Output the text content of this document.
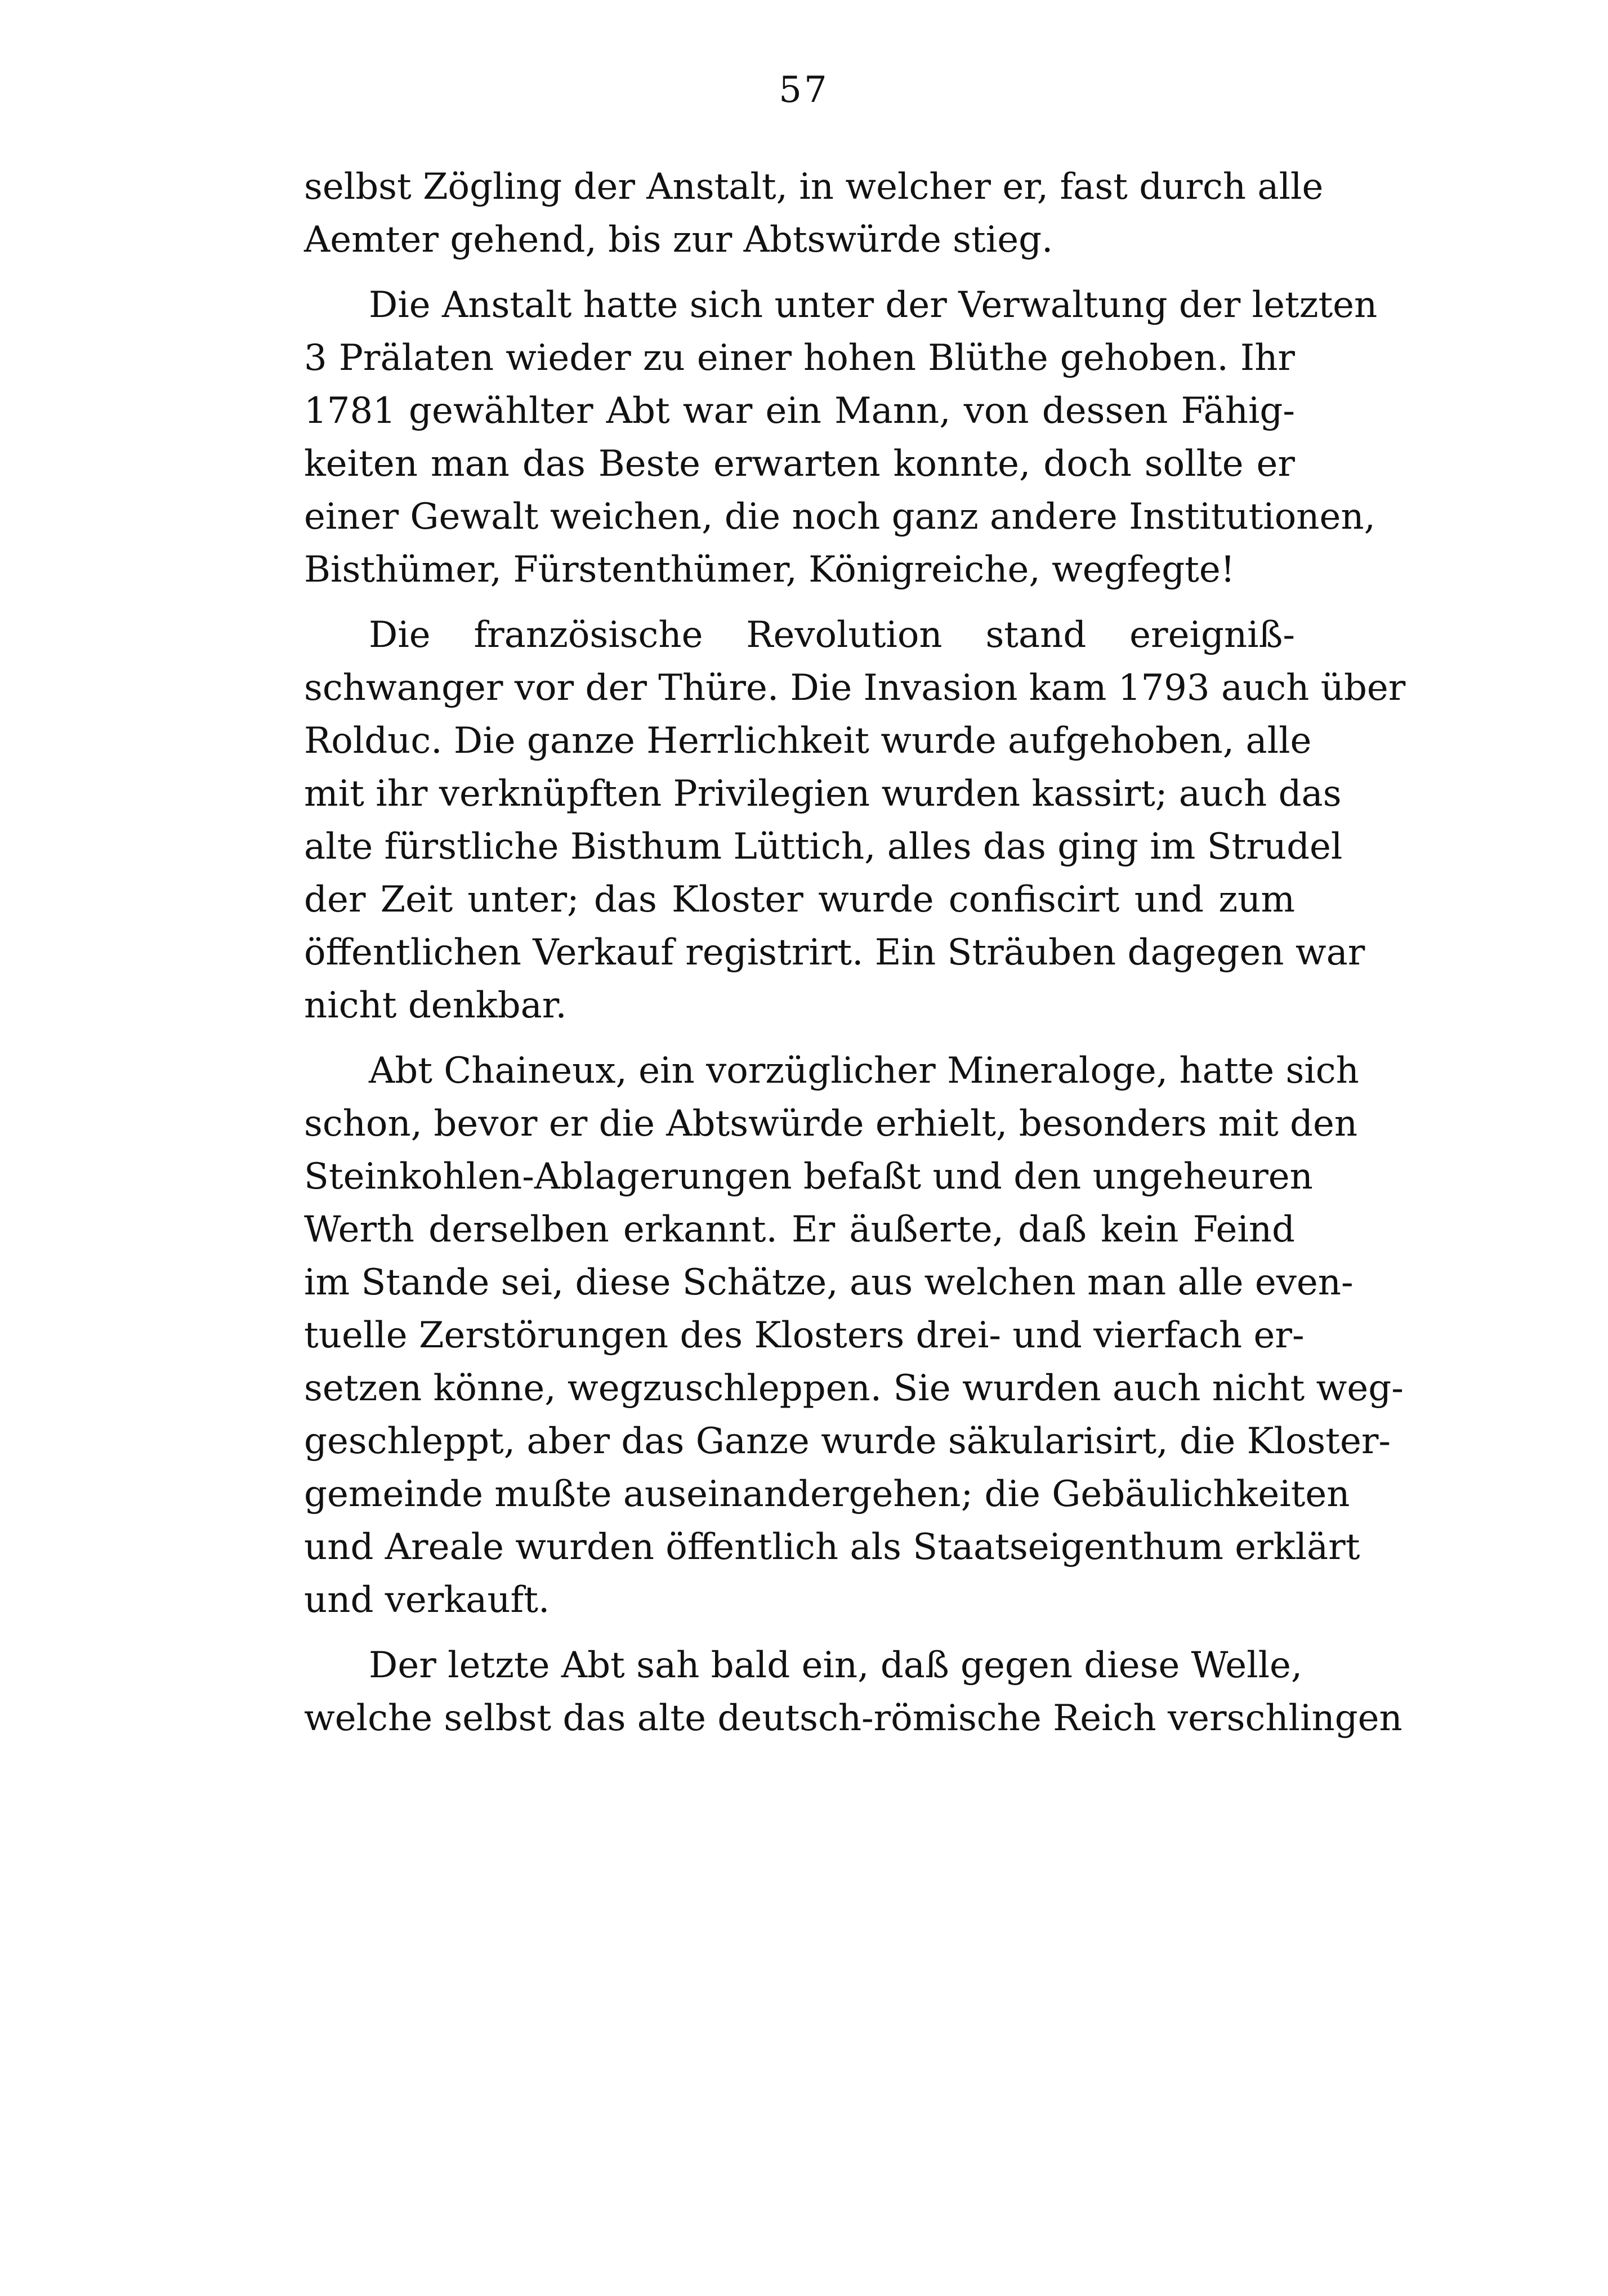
57
selbst Zögling der Anstalt, in welcher er, fast durch alle
Aemter gehend, bis zur Abtswürde stieg.
Die Anstalt hatte sich unter der Verwaltung der letzten
3 Prälaten wieder zu einer hohen Blüthe gehoben. Ihr
1781 gewählter Abt war ein Mann, von dessen Fähig-
keiten man das Beste erwarten konnte, doch sollte er
einer Gewalt weichen, die noch ganz andere Institutionen,
Bisthümer, Fürstenthümer, Königreiche, wegfegte!
Die französische Revolution stand ereigniß-
schwanger vor der Thüre. Die Invasion kam 1793 auch über
Rolduc. Die ganze Herrlichkeit wurde aufgehoben, alle
mit ihr verknüpften Privilegien wurden kassirt; auch das
alte fürstliche Bisthum Lüttich, alles das ging im Strudel
der Zeit unter; das Kloster wurde confiscirt und zum
öffentlichen Verkauf registrirt. Ein Sträuben dagegen war
nicht denkbar.
Abt Chaineux, ein vorzüglicher Mineraloge, hatte sich
schon, bevor er die Abtswürde erhielt, besonders mit den
Steinkohlen-Ablagerungen befaßt und den ungeheuren
Werth derselben erkannt. Er äußerte, daß kein Feind
im Stande sei, diese Schätze, aus welchen man alle even-
tuelle Zerstörungen des Klosters drei- und vierfach er-
setzen könne, wegzuschleppen. Sie wurden auch nicht weg-
geschleppt, aber das Ganze wurde säkularisirt, die Kloster-
gemeinde mußte auseinandergehen; die Gebäulichkeiten
und Areale wurden öffentlich als Staatseigenthum erklärt
und verkauft.
Der letzte Abt sah bald ein, daß gegen diese Welle,
welche selbst das alte deutsch-römische Reich verschlingen
